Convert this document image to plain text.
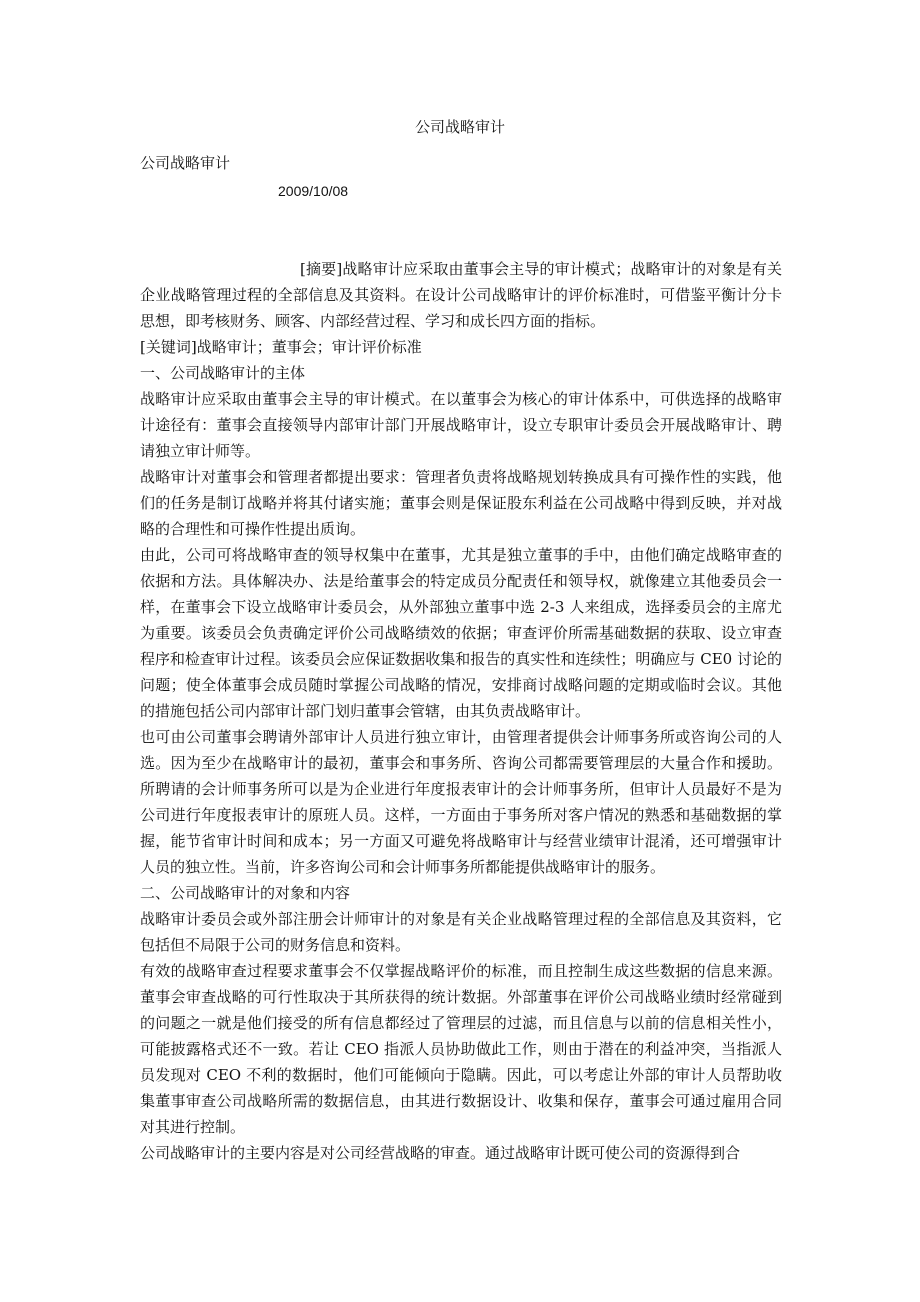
公司战略审计
公司战略审计
2009/10/08

[摘要]战略审计应采取由董事会主导的审计模式；战略审计的对象是有关企业战略管理过程的全部信息及其资料。在设计公司战略审计的评价标准时，可借鉴平衡计分卡思想，即考核财务、顾客、内部经营过程、学习和成长四方面的指标。

[关键词]战略审计；董事会；审计评价标准

一、公司战略审计的主体

战略审计应采取由董事会主导的审计模式。在以董事会为核心的审计体系中，可供选择的战略审计途径有：董事会直接领导内部审计部门开展战略审计，设立专职审计委员会开展战略审计、聘请独立审计师等。

战略审计对董事会和管理者都提出要求：管理者负责将战略规划转换成具有可操作性的实践，他们的任务是制订战略并将其付诸实施；董事会则是保证股东利益在公司战略中得到反映，并对战略的合理性和可操作性提出质询。

由此，公司可将战略审查的领导权集中在董事，尤其是独立董事的手中，由他们确定战略审查的依据和方法。具体解决办、法是给董事会的特定成员分配责任和领导权，就像建立其他委员会一样，在董事会下设立战略审计委员会，从外部独立董事中选 2-3 人来组成，选择委员会的主席尤为重要。该委员会负责确定评价公司战略绩效的依据；审查评价所需基础数据的获取、设立审查程序和检查审计过程。该委员会应保证数据收集和报告的真实性和连续性；明确应与 CE0 讨论的问题；使全体董事会成员随时掌握公司战略的情况，安排商讨战略问题的定期或临时会议。其他的措施包括公司内部审计部门划归董事会管辖，由其负责战略审计。

也可由公司董事会聘请外部审计人员进行独立审计，由管理者提供会计师事务所或咨询公司的人选。因为至少在战略审计的最初，董事会和事务所、咨询公司都需要管理层的大量合作和援助。所聘请的会计师事务所可以是为企业进行年度报表审计的会计师事务所，但审计人员最好不是为公司进行年度报表审计的原班人员。这样，一方面由于事务所对客户情况的熟悉和基础数据的掌握，能节省审计时间和成本；另一方面又可避免将战略审计与经营业绩审计混淆，还可增强审计人员的独立性。当前，许多咨询公司和会计师事务所都能提供战略审计的服务。

二、公司战略审计的对象和内容

战略审计委员会或外部注册会计师审计的对象是有关企业战略管理过程的全部信息及其资料，它包括但不局限于公司的财务信息和资料。

有效的战略审查过程要求董事会不仅掌握战略评价的标准，而且控制生成这些数据的信息来源。董事会审查战略的可行性取决于其所获得的统计数据。外部董事在评价公司战略业绩时经常碰到的问题之一就是他们接受的所有信息都经过了管理层的过滤，而且信息与以前的信息相关性小，可能披露格式还不一致。若让 CEO 指派人员协助做此工作，则由于潜在的利益冲突，当指派人员发现对 CEO 不利的数据时，他们可能倾向于隐瞒。因此，可以考虑让外部的审计人员帮助收集董事审查公司战略所需的数据信息，由其进行数据设计、收集和保存，董事会可通过雇用合同对其进行控制。

公司战略审计的主要内容是对公司经营战略的审查。通过战略审计既可使公司的资源得到合
